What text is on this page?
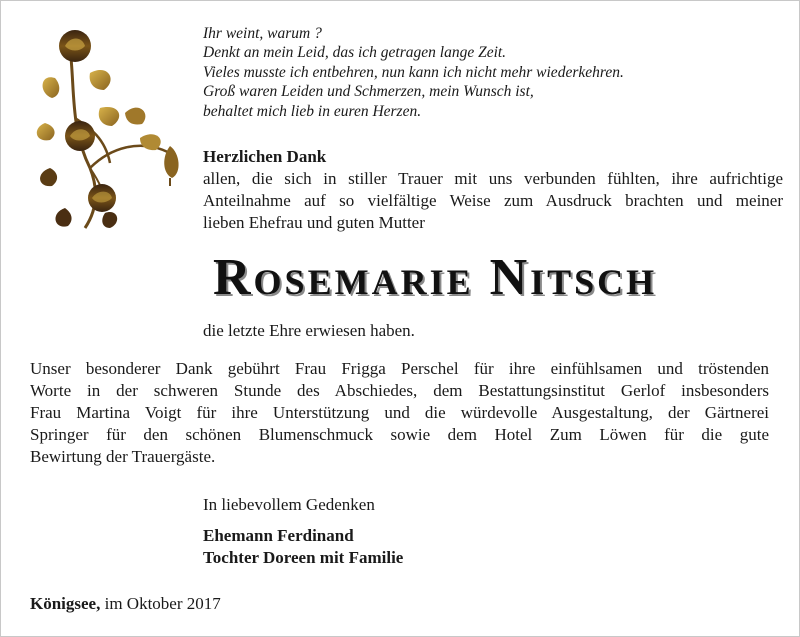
Ihr weint, warum ?
Denkt an mein Leid, das ich getragen lange Zeit.
Vieles musste ich entbehren, nun kann ich nicht mehr wiederkehren.
Groß waren Leiden und Schmerzen, mein Wunsch ist,
behaltet mich lieb in euren Herzen.
Herzlichen Dank
allen, die sich in stiller Trauer mit uns verbunden fühlten, ihre aufrichtige
Anteilnahme auf so vielfältige Weise zum Ausdruck brachten und meiner
lieben Ehefrau und guten Mutter
Rosemarie Nitsch
die letzte Ehre erwiesen haben.
Unser besonderer Dank gebührt Frau Frigga Perschel für ihre einfühlsamen und tröstenden
Worte in der schweren Stunde des Abschiedes, dem Bestattungsinstitut Gerlof insbesonders
Frau Martina Voigt für ihre Unterstützung und die würdevolle Ausgestaltung, der Gärtnerei
Springer für den schönen Blumenschmuck sowie dem Hotel Zum Löwen für die gute
Bewirtung der Trauergäste.
In liebevollem Gedenken
Ehemann Ferdinand
Tochter Doreen mit Familie
Königsee, im Oktober 2017
